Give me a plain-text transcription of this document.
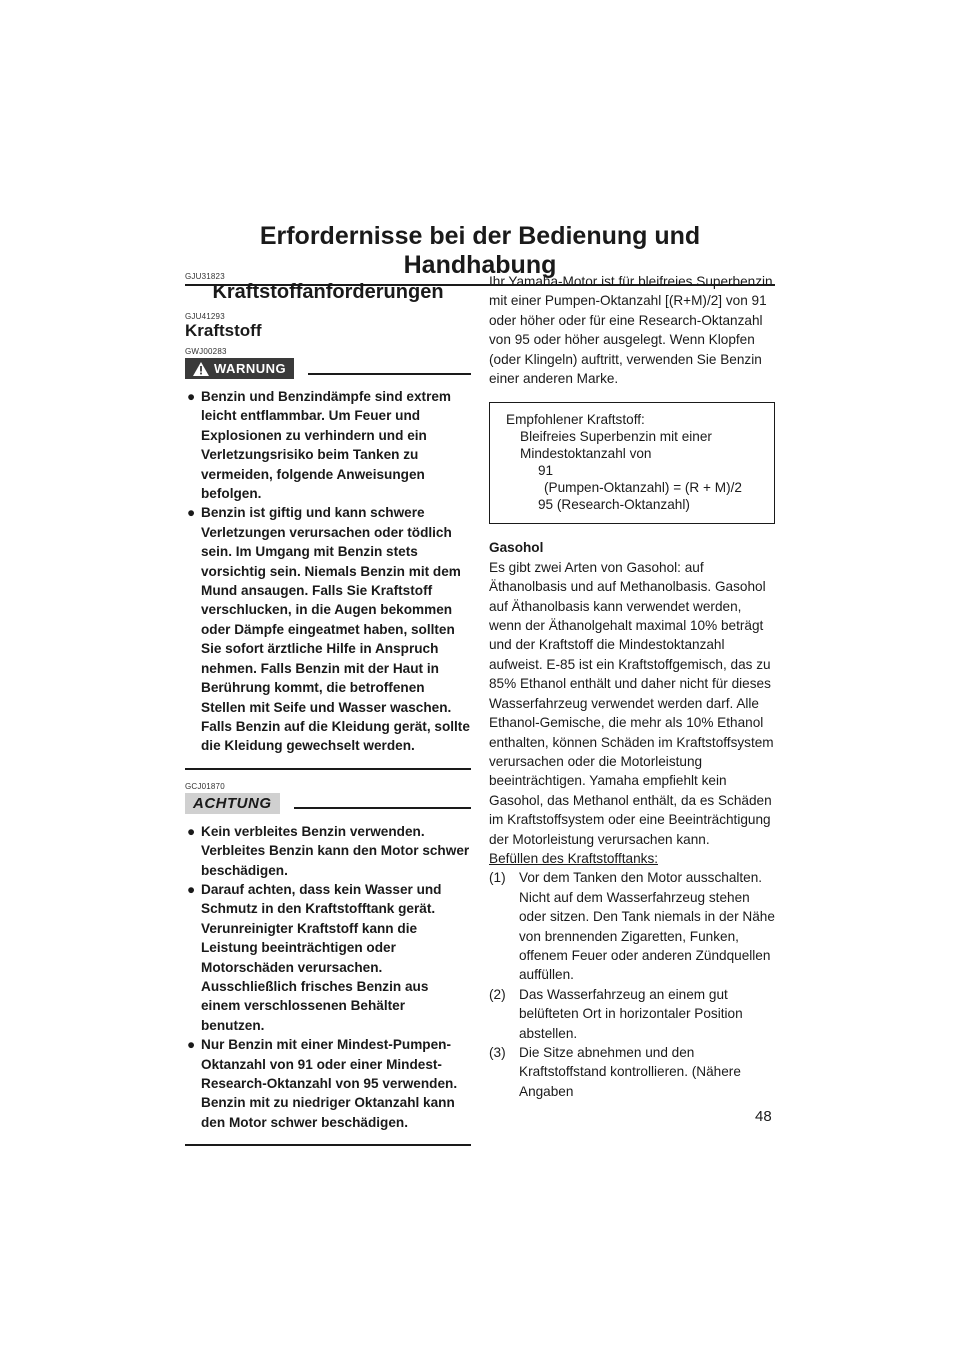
Erfordernisse bei der Bedienung und Handhabung
GJU31823
Kraftstoffanforderungen
GJU41293
Kraftstoff
GWJ00283
WARNUNG
● Benzin und Benzindämpfe sind extrem leicht entflammbar. Um Feuer und Explosionen zu verhindern und ein Verletzungsrisiko beim Tanken zu vermeiden, folgende Anweisungen befolgen.
● Benzin ist giftig und kann schwere Verletzungen verursachen oder tödlich sein. Im Umgang mit Benzin stets vorsichtig sein. Niemals Benzin mit dem Mund ansaugen. Falls Sie Kraftstoff verschlucken, in die Augen bekommen oder Dämpfe eingeatmet haben, sollten Sie sofort ärztliche Hilfe in Anspruch nehmen. Falls Benzin mit der Haut in Berührung kommt, die betroffenen Stellen mit Seife und Wasser waschen. Falls Benzin auf die Kleidung gerät, sollte die Kleidung gewechselt werden.
GCJ01870
ACHTUNG
● Kein verbleites Benzin verwenden. Verbleites Benzin kann den Motor schwer beschädigen.
● Darauf achten, dass kein Wasser und Schmutz in den Kraftstofftank gerät. Verunreinigter Kraftstoff kann die Leistung beeinträchtigen oder Motorschäden verursachen. Ausschließlich frisches Benzin aus einem verschlossenen Behälter benutzen.
● Nur Benzin mit einer Mindest-Pumpen-Oktanzahl von 91 oder einer Mindest-Research-Oktanzahl von 95 verwenden. Benzin mit zu niedriger Oktanzahl kann den Motor schwer beschädigen.

Ihr Yamaha-Motor ist für bleifreies Superbenzin mit einer Pumpen-Oktanzahl [(R+M)/2] von 91 oder höher oder für eine Research-Oktanzahl von 95 oder höher ausgelegt. Wenn Klopfen (oder Klingeln) auftritt, verwenden Sie Benzin einer anderen Marke.

Empfohlener Kraftstoff:
Bleifreies Superbenzin mit einer Mindestoktanzahl von
91
(Pumpen-Oktanzahl) = (R + M)/2
95 (Research-Oktanzahl)
Gasohol

Es gibt zwei Arten von Gasohol: auf Äthanolbasis und auf Methanolbasis. Gasohol auf Äthanolbasis kann verwendet werden, wenn der Äthanolgehalt maximal 10% beträgt und der Kraftstoff die Mindestoktanzahl aufweist. E-85 ist ein Kraftstoffgemisch, das zu 85% Ethanol enthält und daher nicht für dieses Wasserfahrzeug verwendet werden darf. Alle Ethanol-Gemische, die mehr als 10% Ethanol enthalten, können Schäden im Kraftstoffsystem verursachen oder die Motorleistung beeinträchtigen. Yamaha empfiehlt kein Gasohol, das Methanol enthält, da es Schäden im Kraftstoffsystem oder eine Beeinträchtigung der Motorleistung verursachen kann.

Befüllen des Kraftstofftanks:
(1) Vor dem Tanken den Motor ausschalten. Nicht auf dem Wasserfahrzeug stehen oder sitzen. Den Tank niemals in der Nähe von brennenden Zigaretten, Funken, offenem Feuer oder anderen Zündquellen auffüllen.
(2) Das Wasserfahrzeug an einem gut belüfteten Ort in horizontaler Position abstellen.
(3) Die Sitze abnehmen und den Kraftstoffstand kontrollieren. (Nähere Angaben
48
